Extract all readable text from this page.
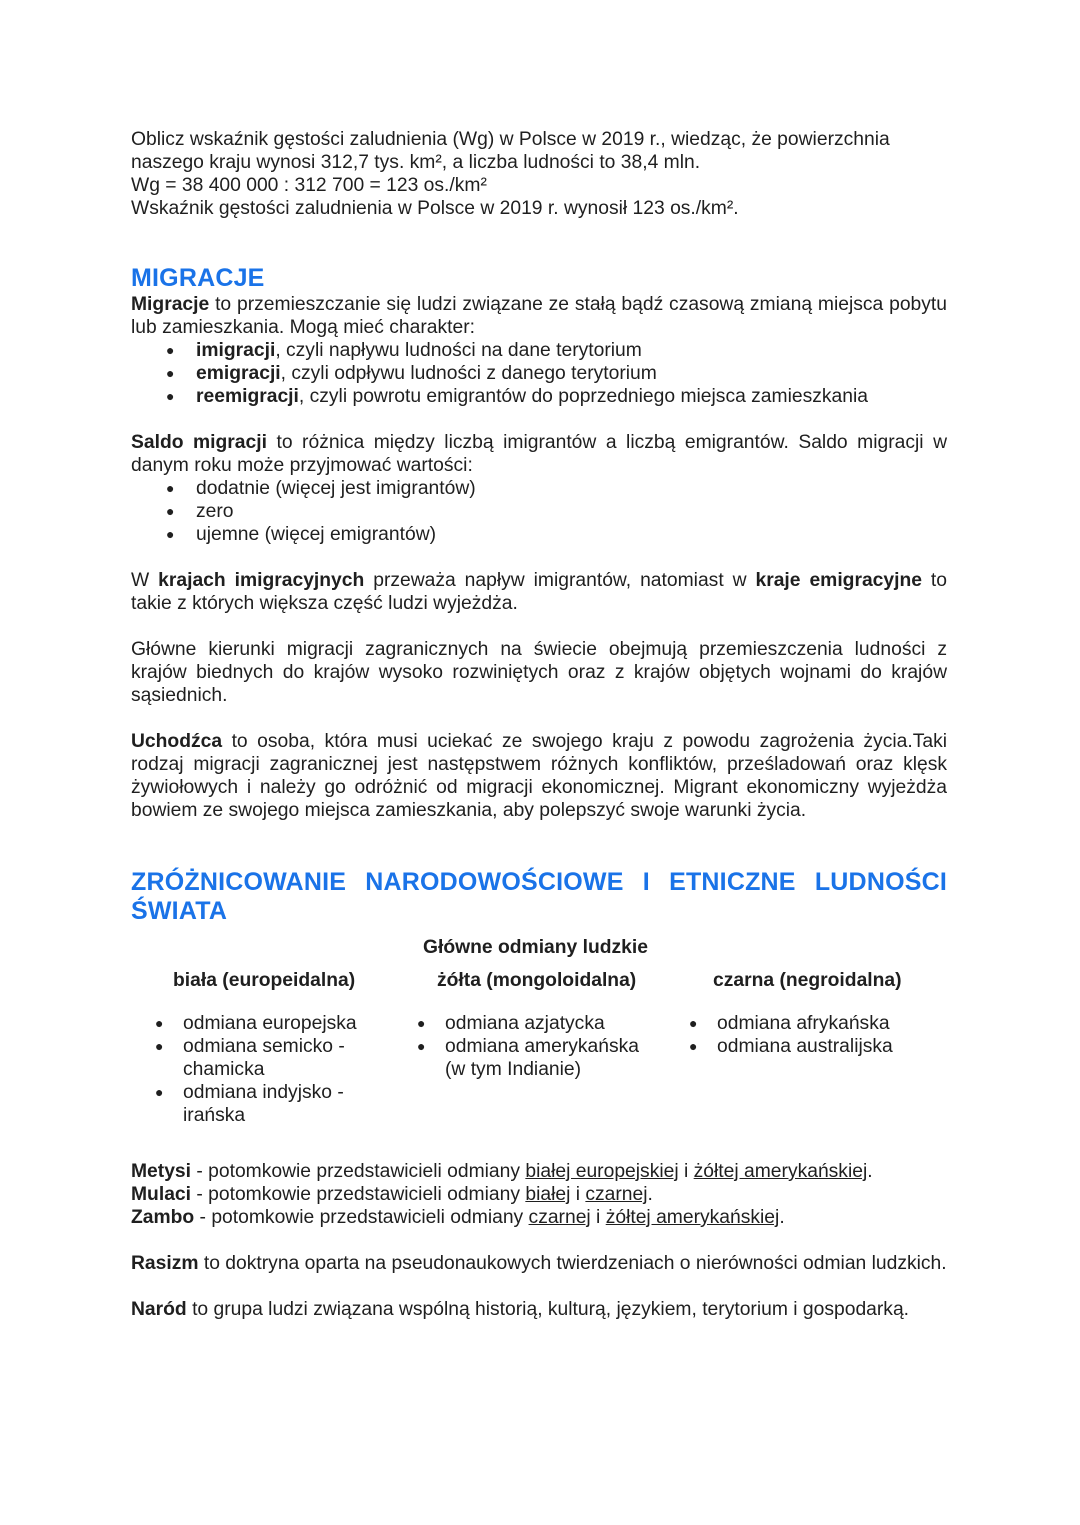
Oblicz wskaźnik gęstości zaludnienia (Wg) w Polsce w 2019 r., wiedząc, że powierzchnia naszego kraju wynosi 312,7 tys. km², a liczba ludności to 38,4 mln.

Wg = 38 400 000 : 312 700 = 123 os./km²

Wskaźnik gęstości zaludnienia w Polsce w 2019 r. wynosił 123 os./km².

MIGRACJE

Migracje to przemieszczanie się ludzi związane ze stałą bądź czasową zmianą miejsca pobytu lub zamieszkania. Mogą mieć charakter:

● imigracji, czyli napływu ludności na dane terytorium
● emigracji, czyli odpływu ludności z danego terytorium
● reemigracji, czyli powrotu emigrantów do poprzedniego miejsca zamieszkania

Saldo migracji to różnica między liczbą imigrantów a liczbą emigrantów. Saldo migracji w danym roku może przyjmować wartości:

● dodatnie (więcej jest imigrantów)
● zero
● ujemne (więcej emigrantów)

W krajach imigracyjnych przeważa napływ imigrantów, natomiast w kraje emigracyjne to takie z których większa część ludzi wyjeżdża.

Główne kierunki migracji zagranicznych na świecie obejmują przemieszczenia ludności z krajów biednych do krajów wysoko rozwiniętych oraz z krajów objętych wojnami do krajów sąsiednich.

Uchodźca to osoba, która musi uciekać ze swojego kraju z powodu zagrożenia życia.Taki rodzaj migracji zagranicznej jest następstwem różnych konfliktów, prześladowań oraz klęsk żywiołowych i należy go odróżnić od migracji ekonomicznej. Migrant ekonomiczny wyjeżdża bowiem ze swojego miejsca zamieszkania, aby polepszyć swoje warunki życia.

ZRÓŻNICOWANIE NARODOWOŚCIOWE I ETNICZNE LUDNOŚCI ŚWIATA

Główne odmiany ludzkie

biała (europeidalna)
● odmiana europejska
● odmiana semicko - chamicka
● odmiana indyjsko - irańska
żółta (mongoloidalna)
● odmiana azjatycka
● odmiana amerykańska (w tym Indianie)
czarna (negroidalna)
● odmiana afrykańska
● odmiana australijska

Metysi - potomkowie przedstawicieli odmiany białej europejskiej i żółtej amerykańskiej.

Mulaci - potomkowie przedstawicieli odmiany białej i czarnej.

Zambo - potomkowie przedstawicieli odmiany czarnej i żółtej amerykańskiej.

Rasizm to doktryna oparta na pseudonaukowych twierdzeniach o nierówności odmian ludzkich.

Naród to grupa ludzi związana wspólną historią, kulturą, językiem, terytorium i gospodarką.
